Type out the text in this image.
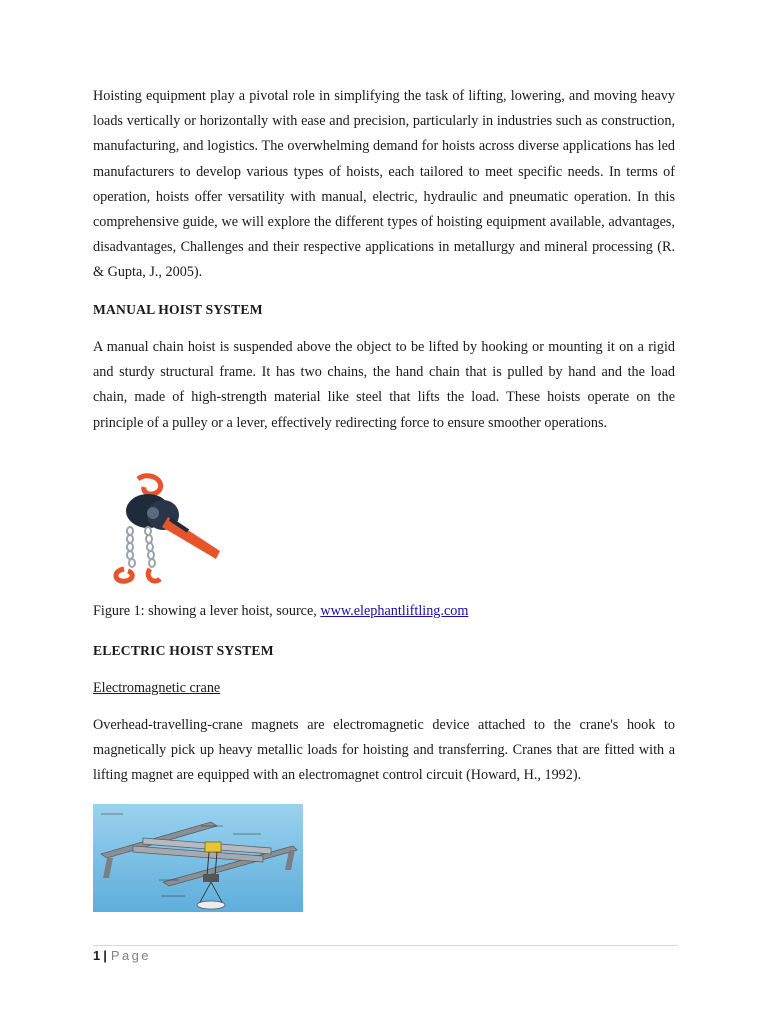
Hoisting equipment play a pivotal role in simplifying the task of lifting, lowering, and moving heavy loads vertically or horizontally with ease and precision, particularly in industries such as construction, manufacturing, and logistics. The overwhelming demand for hoists across diverse applications has led manufacturers to develop various types of hoists, each tailored to meet specific needs. In terms of operation, hoists offer versatility with manual, electric, hydraulic and pneumatic operation. In this comprehensive guide, we will explore the different types of hoisting equipment available, advantages, disadvantages, Challenges and their respective applications in metallurgy and mineral processing (R. & Gupta, J., 2005).

MANUAL HOIST SYSTEM

A manual chain hoist is suspended above the object to be lifted by hooking or mounting it on a rigid and sturdy structural frame. It has two chains, the hand chain that is pulled by hand and the load chain, made of high-strength material like steel that lifts the load. These hoists operate on the principle of a pulley or a lever, effectively redirecting force to ensure smoother operations.

Figure 1: showing a lever hoist, source, www.elephantliftling.com

ELECTRIC HOIST SYSTEM

Electromagnetic crane

Overhead-travelling-crane magnets are electromagnetic device attached to the crane's hook to magnetically pick up heavy metallic loads for hoisting and transferring. Cranes that are fitted with a lifting magnet are equipped with an electromagnet control circuit (Howard, H., 1992).

1 | Page
